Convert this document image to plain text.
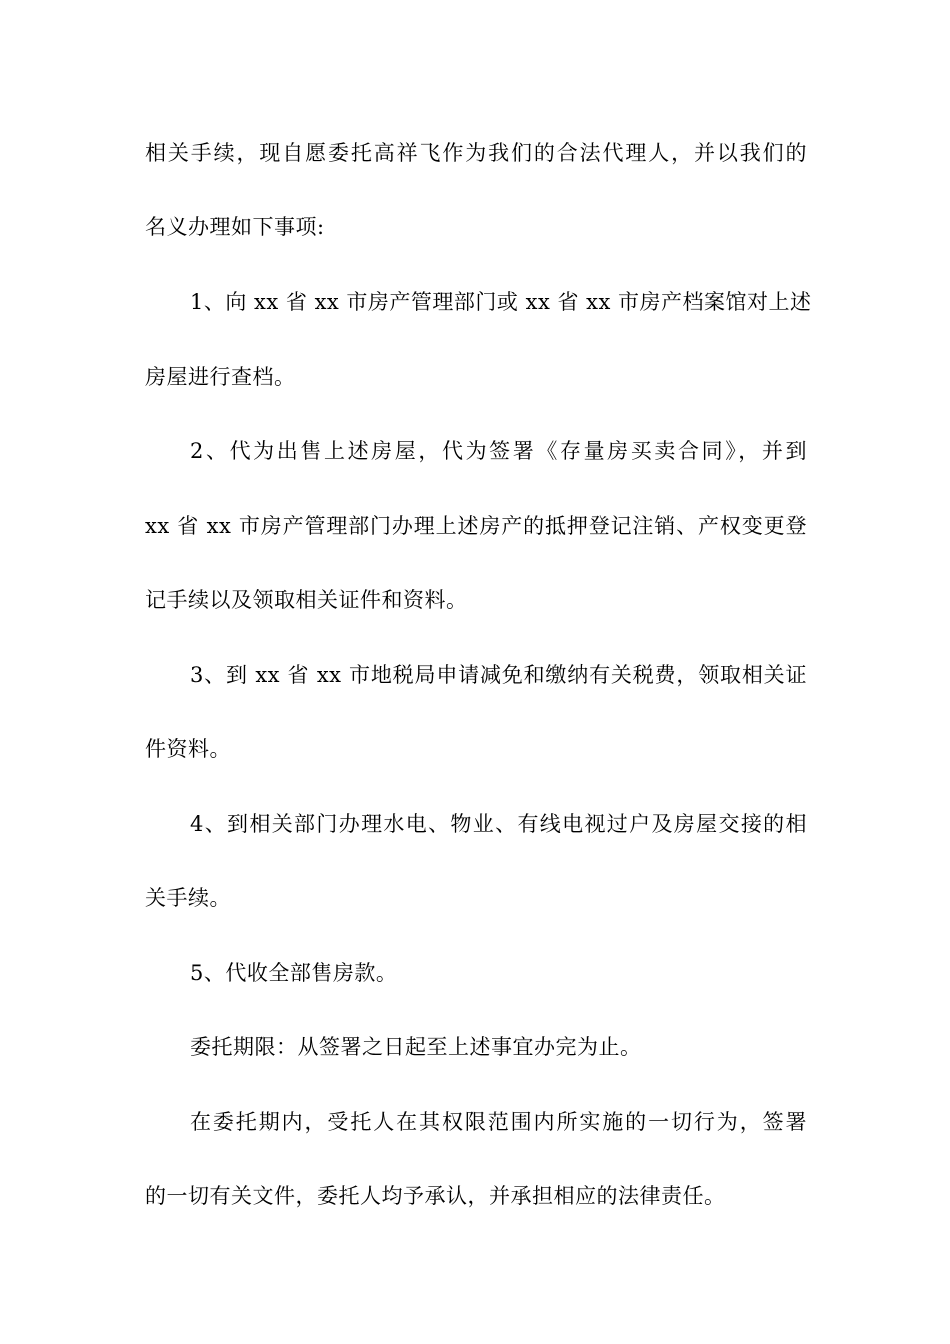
相关手续，现自愿委托高祥飞作为我们的合法代理人，并以我们的
名义办理如下事项:
1、向 xx 省 xx 市房产管理部门或 xx 省 xx 市房产档案馆对上述
房屋进行查档。
2、代为出售上述房屋，代为签署《存量房买卖合同》，并到
xx 省 xx 市房产管理部门办理上述房产的抵押登记注销、产权变更登
记手续以及领取相关证件和资料。
3、到 xx 省 xx 市地税局申请减免和缴纳有关税费，领取相关证
件资料。
4、到相关部门办理水电、物业、有线电视过户及房屋交接的相
关手续。
5、代收全部售房款。
委托期限：从签署之日起至上述事宜办完为止。
在委托期内，受托人在其权限范围内所实施的一切行为，签署
的一切有关文件，委托人均予承认，并承担相应的法律责任。
